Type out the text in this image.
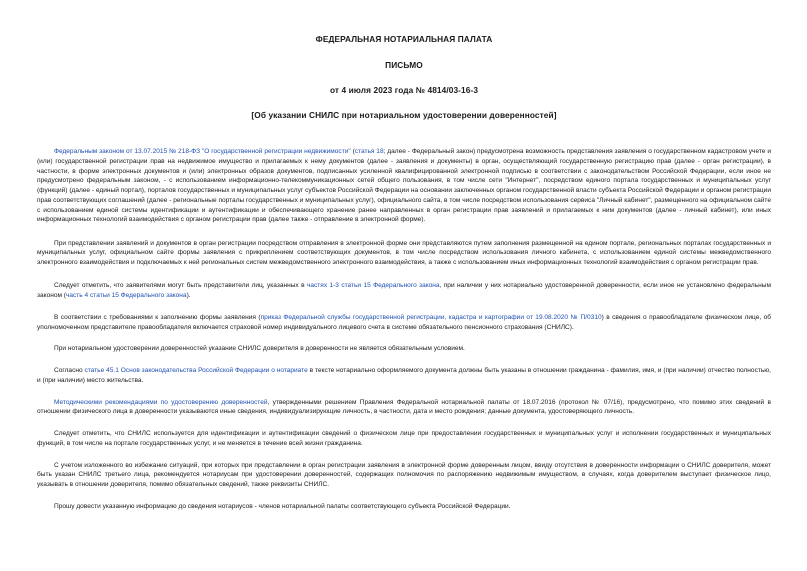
ФЕДЕРАЛЬНАЯ НОТАРИАЛЬНАЯ ПАЛАТА

ПИСЬМО

от 4 июля 2023 года № 4814/03-16-3

[Об указании СНИЛС при нотариальном удостоверении доверенностей]

Федеральным законом от 13.07.2015 № 218-ФЗ "О государственной регистрации недвижимости" (статья 18; далее - Федеральный закон) предусмотрена возможность представления заявления о государственном кадастровом учете и (или) государственной регистрации прав на недвижимое имущество и прилагаемых к нему документов (далее - заявления и документы) в орган, осуществляющий государственную регистрацию прав (далее - орган регистрации), в частности, в форме электронных документов и (или) электронных образов документов, подписанных усиленной квалифицированной электронной подписью в соответствии с законодательством Российской Федерации, если иное не предусмотрено федеральным законом, - с использованием информационно-телекоммуникационных сетей общего пользования, в том числе сети "Интернет", посредством единого портала государственных и муниципальных услуг (функций) (далее - единый портал), порталов государственных и муниципальных услуг субъектов Российской Федерации на основании заключенных органом государственной власти субъекта Российской Федерации и органом регистрации прав соответствующих соглашений (далее - региональные порталы государственных и муниципальных услуг), официального сайта, в том числе посредством использования сервиса "Личный кабинет", размещенного на официальном сайте с использованием единой системы идентификации и аутентификации и обеспечивающего хранение ранее направленных в орган регистрации прав заявлений и прилагаемых к ним документов (далее - личный кабинет), или иных информационных технологий взаимодействия с органом регистрации прав (далее также - отправление в электронной форме).

При представлении заявлений и документов в орган регистрации посредством отправления в электронной форме они представляются путем заполнения размещенной на едином портале, региональных порталах государственных и муниципальных услуг, официальном сайте формы заявления с прикреплением соответствующих документов, в том числе посредством использования личного кабинета, с использованием единой системы межведомственного электронного взаимодействия и подключаемых к ней региональных систем межведомственного электронного взаимодействия, а также с использованием иных информационных технологий взаимодействия с органом регистрации прав.

Следует отметить, что заявителями могут быть представители лиц, указанных в частях 1-3 статьи 15 Федерального закона, при наличии у них нотариально удостоверенной доверенности, если иное не установлено федеральным законом (часть 4 статьи 15 Федерального закона).

В соответствии с требованиями к заполнению формы заявления (приказ Федеральной службы государственной регистрации, кадастра и картографии от 19.08.2020 № П/0310) в сведения о правообладателе физическом лице, об уполномоченном представителе правообладателя включается страховой номер индивидуального лицевого счета в системе обязательного пенсионного страхования (СНИЛС).

При нотариальном удостоверении доверенностей указание СНИЛС доверителя в доверенности не является обязательным условием.

Согласно статье 45.1 Основ законодательства Российской Федерации о нотариате в тексте нотариально оформляемого документа должны быть указаны в отношении гражданина - фамилия, имя, и (при наличии) отчество полностью, и (при наличии) место жительства.

Методическими рекомендациями по удостоверению доверенностей, утвержденными решением Правления Федеральной нотариальной палаты от 18.07.2016 (протокол № 07/16), предусмотрено, что помимо этих сведений в отношении физического лица в доверенности указываются иные сведения, индивидуализирующие личность, в частности, дата и место рождения; данные документа, удостоверяющего личность.

Следует отметить, что СНИЛС используется для идентификации и аутентификации сведений о физическом лице при предоставлении государственных и муниципальных услуг и исполнении государственных и муниципальных функций, в том числе на портале государственных услуг, и не меняется в течение всей жизни гражданина.

С учетом изложенного во избежание ситуаций, при которых при представлении в орган регистрации заявления в электронной форме доверенным лицом, ввиду отсутствия в доверенности информации о СНИЛС доверителя, может быть указан СНИЛС третьего лица, рекомендуется нотариусам при удостоверении доверенностей, содержащих полномочия по распоряжению недвижимым имуществом, в случаях, когда доверителем выступает физическое лицо, указывать в отношении доверителя, помимо обязательных сведений, также реквизиты СНИЛС.

Прошу довести указанную информацию до сведения нотариусов - членов нотариальной палаты соответствующего субъекта Российской Федерации.
